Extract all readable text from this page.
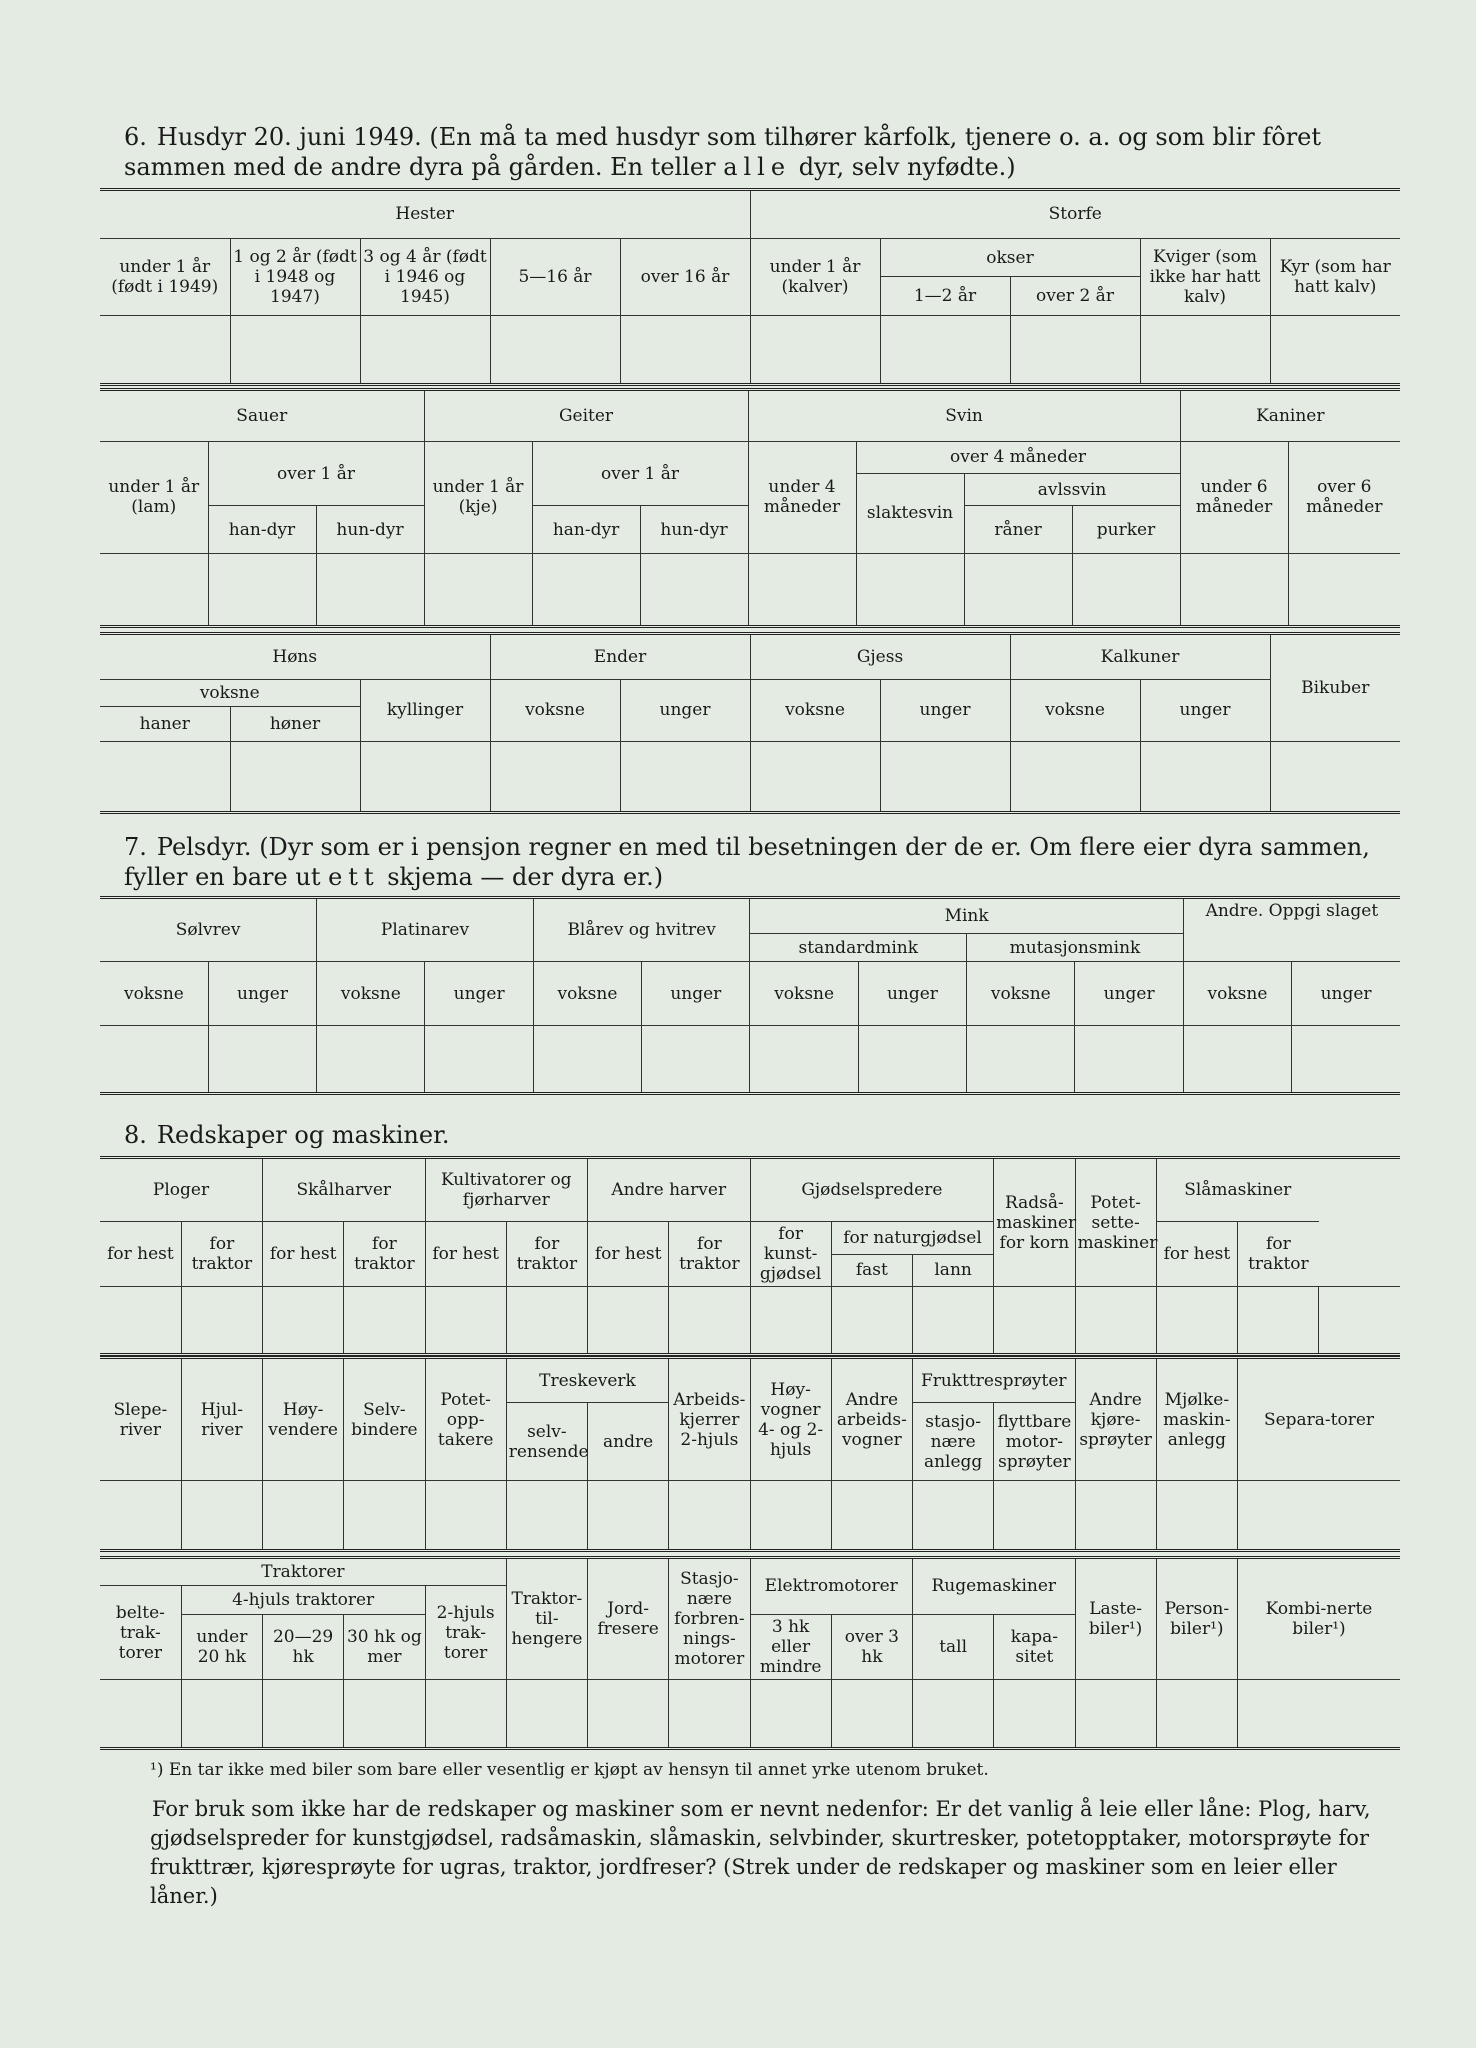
6. Husdyr 20. juni 1949. (En må ta med husdyr som tilhører kårfolk, tjenere o. a. og som blir fôret sammen med de andre dyra på gården. En teller alle dyr, selv nyfødte.)
Hester					Storfe				
under 1 år (født i 1949)	1 og 2 år (født i 1948 og 1947)	3 og 4 år (født i 1946 og 1945)	5—16 år	over 16 år	under 1 år (kalver)	okser		Kviger (som ikke har hatt kalv)	Kyr (som har hatt kalv)
						1—2 år	over 2 år		

Sauer			Geiter			Svin				Kaniner	
under 1 år (lam)	over 1 år		under 1 år (kje)	over 1 år		under 4 måneder	over 4 måneder			under 6 måneder	over 6 måneder
							slaktesvin	avlssvin			
	han-dyr	hun-dyr		han-dyr	hun-dyr			råner	purker		

Høns			Ender		Gjess		Kalkuner		Bikuber
voksne		kyllinger	voksne	unger	voksne	unger	voksne	unger	
haner	høner								

7. Pelsdyr. (Dyr som er i pensjon regner en med til besetningen der de er. Om flere eier dyra sammen, fyller en bare ut ett skjema — der dyra er.)
Sølvrev		Platinarev		Blårev og hvitrev		Mink				Andre. Oppgi slaget	
						standardmink		mutasjonsmink			
voksne	unger	voksne	unger	voksne	unger	voksne	unger	voksne	unger	voksne	unger

8. Redskaper og maskiner.
Ploger		Skålharver		Kultivatorer og fjørharver		Andre harver		Gjødselspredere			Radså-maskiner for korn	Potet-sette-maskiner	Slåmaskiner		
for hest	for traktor	for hest	for traktor	for hest	for traktor	for hest	for traktor	for kunst-gjødsel	for naturgjødsel				for hest	for traktor	
									fast	lann					

Slepe-river	Hjul-river	Høy-vendere	Selv-bindere	Potet-opp-takere	Treskeverk		Arbeids-kjerrer 2-hjuls	Høy-vogner 4- og 2-hjuls	Andre arbeids-vogner	Frukttresprøyter		Andre kjøre-sprøyter	Mjølke-maskin-anlegg	Separa-torer
					selv-rensende	andre				stasjo-nære anlegg	flyttbare motor-sprøyter			

Traktorer					Traktor-til-hengere	Jord-fresere	Stasjo-nære forbren-nings-motorer	Elektromotorer		Rugemaskiner		Laste-biler¹)	Person-biler¹)	Kombi-nerte biler¹)
belte-trak-torer	4-hjuls traktorer			2-hjuls trak-torer										
	under 20 hk	20—29 hk	30 hk og mer					3 hk eller mindre	over 3 hk	tall	kapa-sitet			

¹) En tar ikke med biler som bare eller vesentlig er kjøpt av hensyn til annet yrke utenom bruket.
For bruk som ikke har de redskaper og maskiner som er nevnt nedenfor: Er det vanlig å leie eller låne: Plog, harv, gjødselspreder for kunstgjødsel, radsåmaskin, slåmaskin, selvbinder, skurtresker, potetopptaker, motorsprøyte for frukttrær, kjøresprøyte for ugras, traktor, jordfreser? (Strek under de redskaper og maskiner som en leier eller låner.)
